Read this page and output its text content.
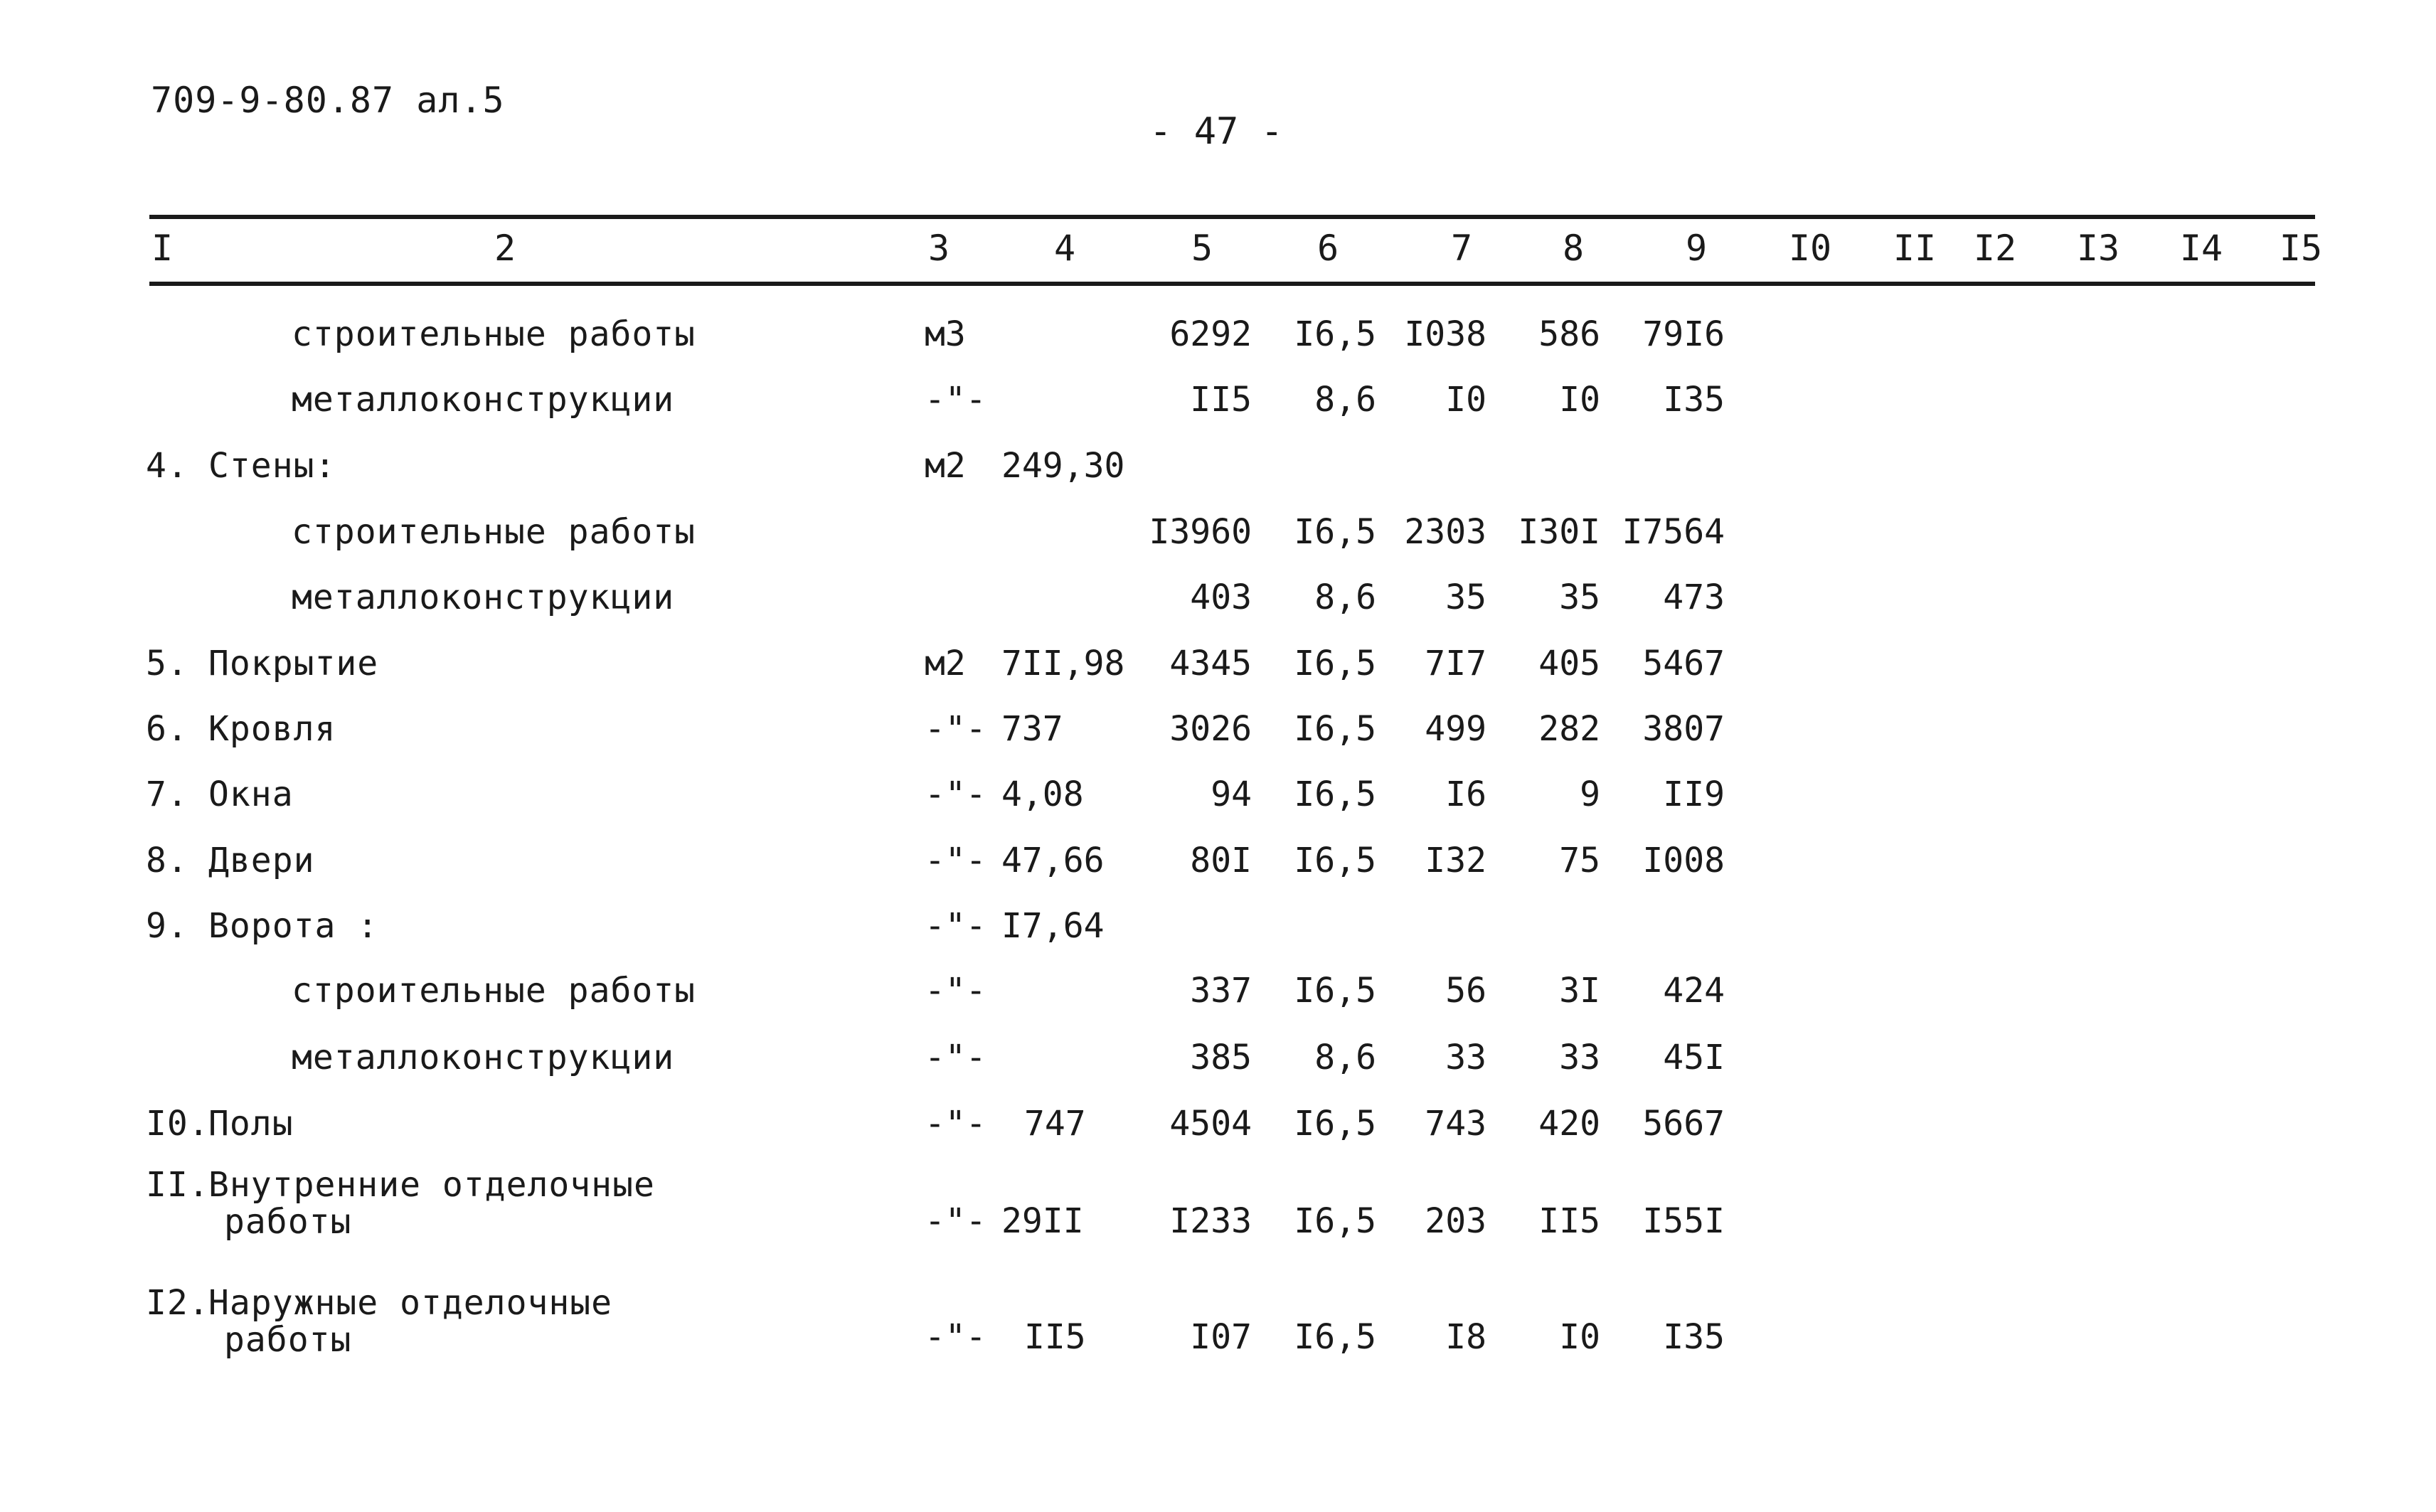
709-9-80.87 ал.5
- 47 -
I	2	3	4	5	6	7	8	9 I0 II I2 I3 I4 I5
строительные работы	м3	6292 I6,5 I038 586 79I6
металлоконструкции	-"-	II5 8,6 I0 I0 I35
4. Стены:	м2 249,30
строительные работы	I3960 I6,5 2303 I30I I7564
металлоконструкции	403 8,6 35 35 473
5. Покрытие	м2 7II,98 4345 I6,5 7I7 405 5467
6. Кровля	-"- 737	3026 I6,5 499 282 3807
7. Окна	-"- 4,08	94 I6,5 I6	9 II9
8. Двери	-"- 47,66	80I I6,5 I32 75 I008
9. Ворота :	-"- I7,64
строительные работы	-"-	337 I6,5 56 3I 424
металлоконструкции	-"-	385 8,6 33 33 45I
I0.Полы	-"- 747 4504 I6,5 743 420 5667
II.Внутренние отделочные
работы	-"- 29II	I233 I6,5 203 II5 I55I
I2.Наружные отделочные
работы	-"- II5	I07 I6,5 I8 I0 I35
